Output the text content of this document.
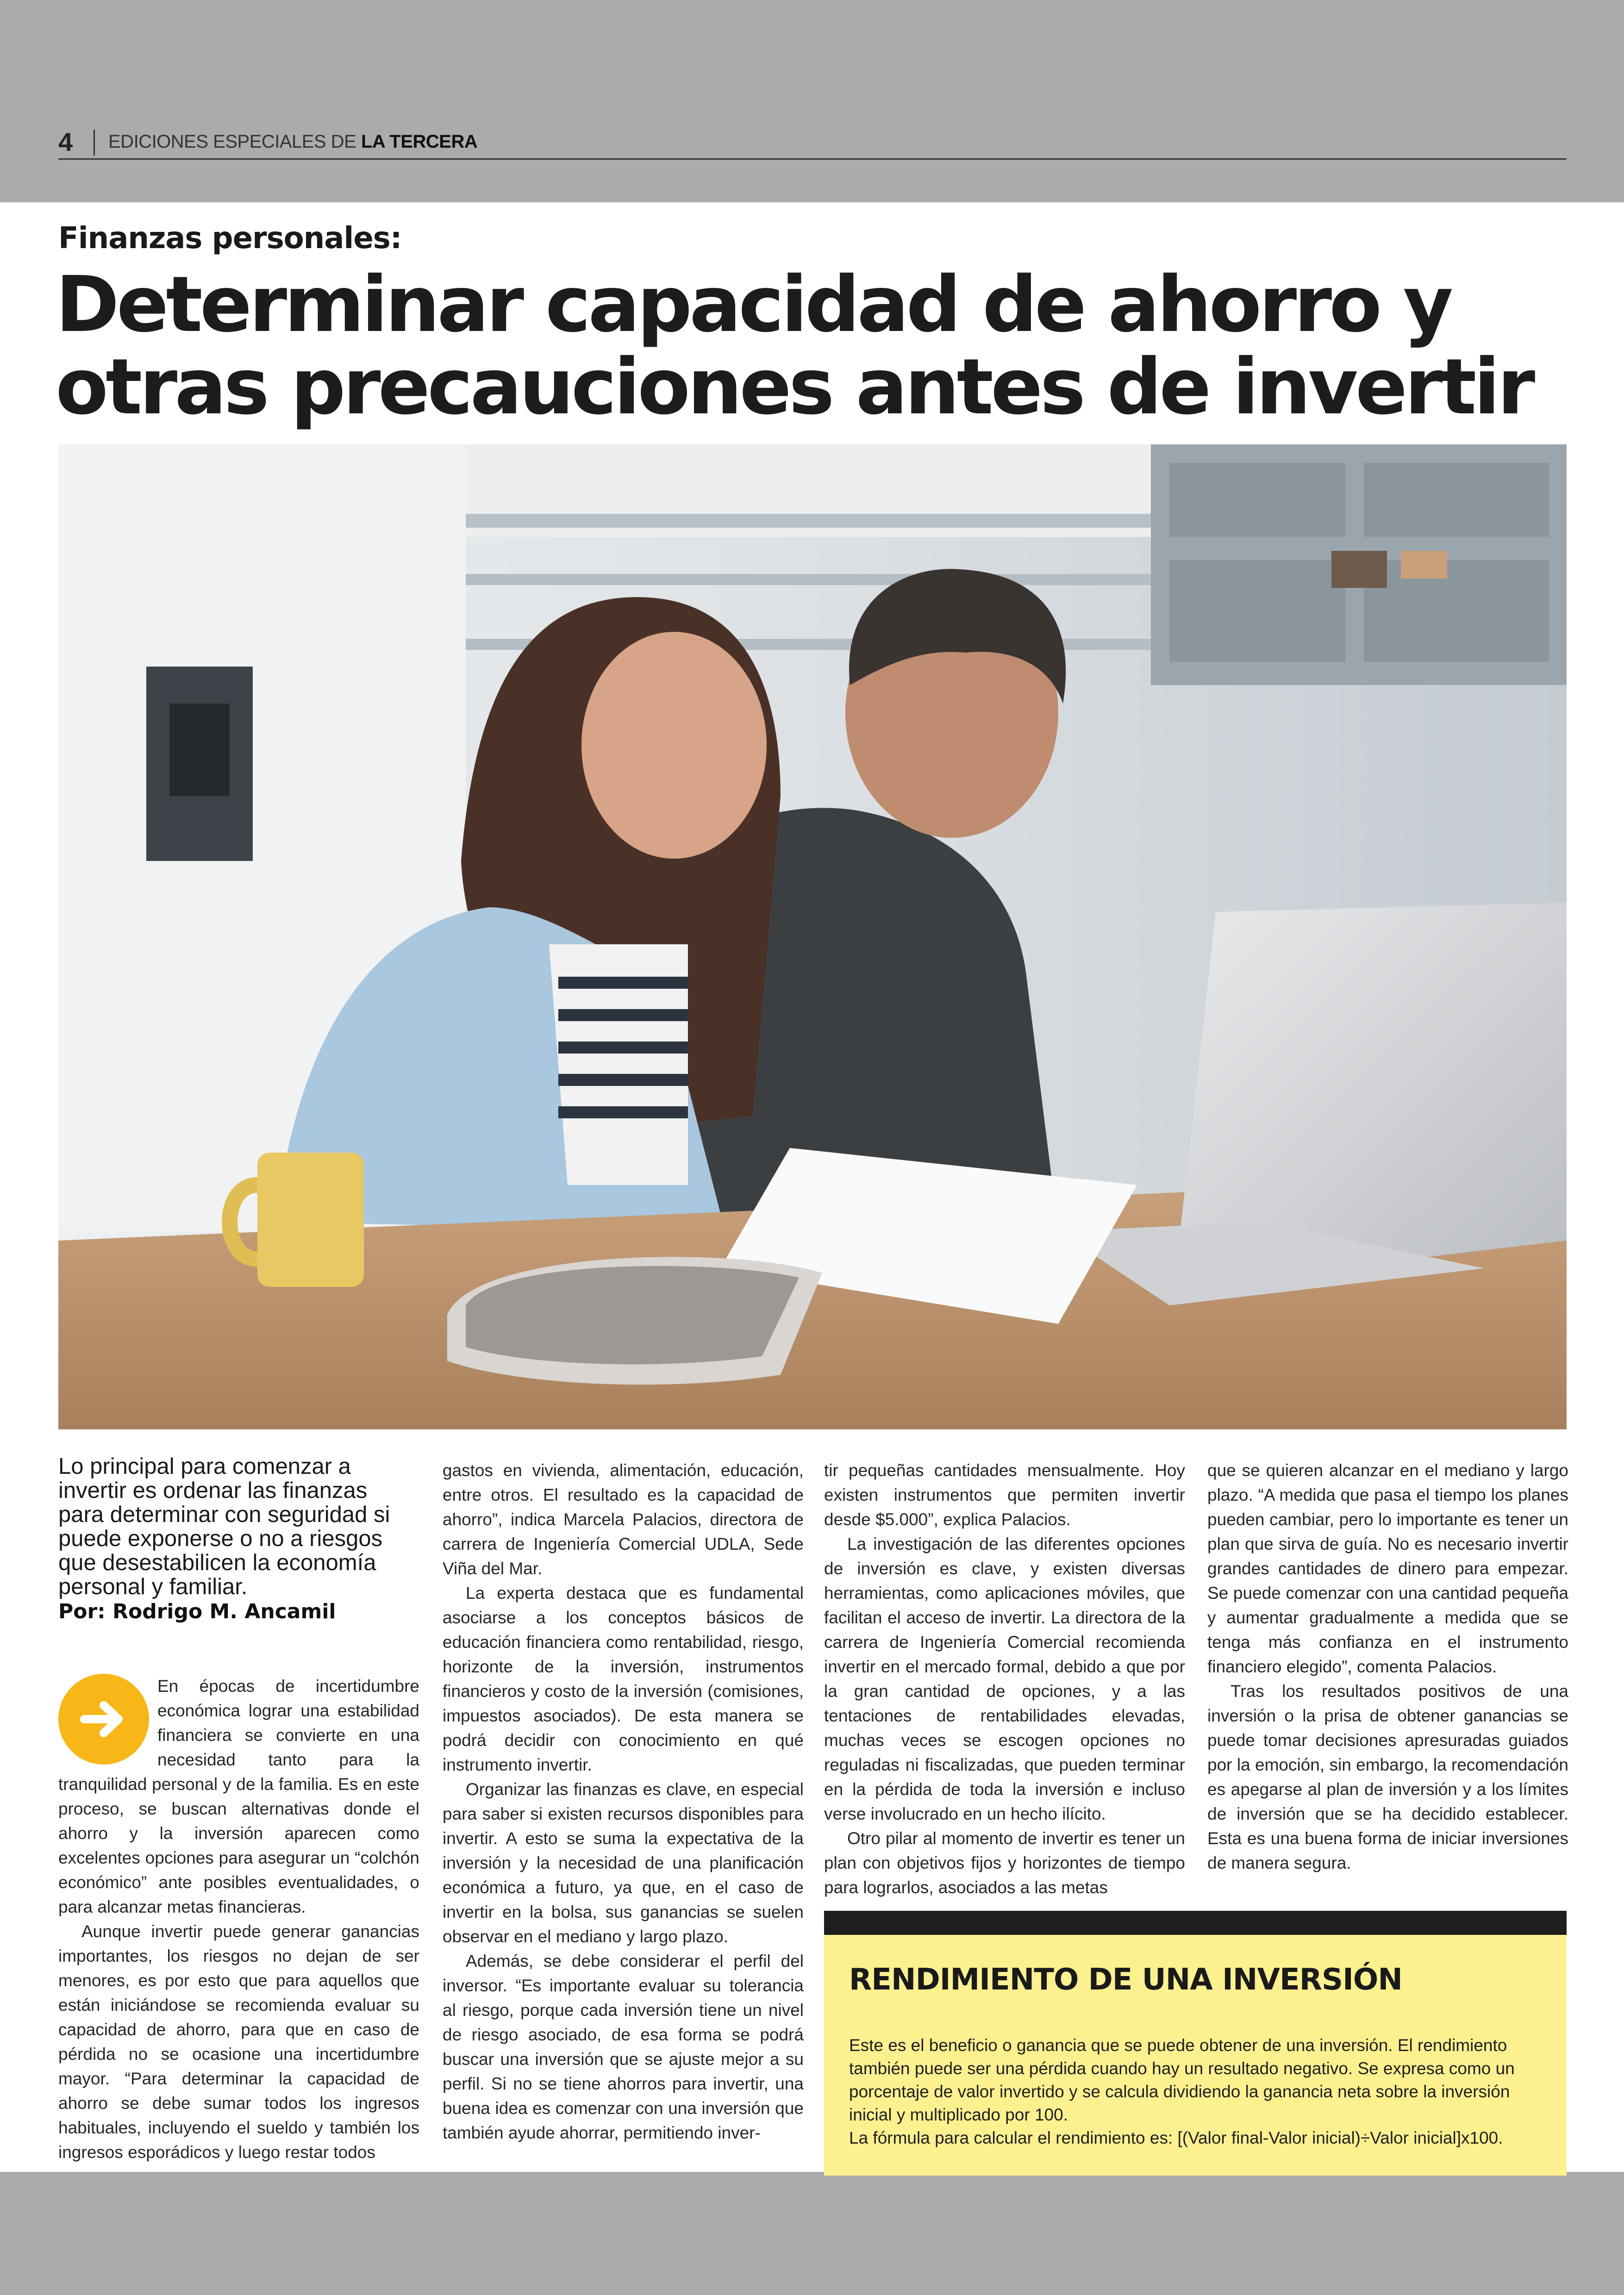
4 EDICIONES ESPECIALES DE LA TERCERA
Finanzas personales:
Determinar capacidad de ahorro y
otras precauciones antes de invertir
Lo principal para comenzar a invertir es ordenar las finanzas para determinar con seguridad si puede exponerse o no a riesgos que desestabilicen la economía personal y familiar.
Por: Rodrigo M. Ancamil

En épocas de incertidumbre económica lograr una estabilidad financiera se convierte en una necesidad tanto para la tranquilidad personal y de la familia. Es en este proceso, se buscan alternativas donde el ahorro y la inversión aparecen como excelentes opciones para asegurar un “colchón económico” ante posibles eventualidades, o para alcanzar metas financieras.

Aunque invertir puede generar ganancias importantes, los riesgos no dejan de ser menores, es por esto que para aquellos que están iniciándose se recomienda evaluar su capacidad de ahorro, para que en caso de pérdida no se ocasione una incertidumbre mayor. “Para determinar la capacidad de ahorro se debe sumar todos los ingresos habituales, incluyendo el sueldo y también los ingresos esporádicos y luego restar todos

gastos en vivienda, alimentación, educación, entre otros. El resultado es la capacidad de ahorro”, indica Marcela Palacios, directora de carrera de Ingeniería Comercial UDLA, Sede Viña del Mar.

La experta destaca que es fundamental asociarse a los conceptos básicos de educación financiera como rentabilidad, riesgo, horizonte de la inversión, instrumentos financieros y costo de la inversión (comisiones, impuestos asociados). De esta manera se podrá decidir con conocimiento en qué instrumento invertir.

Organizar las finanzas es clave, en especial para saber si existen recursos disponibles para invertir. A esto se suma la expectativa de la inversión y la necesidad de una planificación económica a futuro, ya que, en el caso de invertir en la bolsa, sus ganancias se suelen observar en el mediano y largo plazo.

Además, se debe considerar el perfil del inversor. “Es importante evaluar su tolerancia al riesgo, porque cada inversión tiene un nivel de riesgo asociado, de esa forma se podrá buscar una inversión que se ajuste mejor a su perfil. Si no se tiene ahorros para invertir, una buena idea es comenzar con una inversión que también ayude ahorrar, permitiendo inver-

tir pequeñas cantidades mensualmente. Hoy existen instrumentos que permiten invertir desde $5.000”, explica Palacios.

La investigación de las diferentes opciones de inversión es clave, y existen diversas herramientas, como aplicaciones móviles, que facilitan el acceso de invertir. La directora de la carrera de Ingeniería Comercial recomienda invertir en el mercado formal, debido a que por la gran cantidad de opciones, y a las tentaciones de rentabilidades elevadas, muchas veces se escogen opciones no reguladas ni fiscalizadas, que pueden terminar en la pérdida de toda la inversión e incluso verse involucrado en un hecho ilícito.

Otro pilar al momento de invertir es tener un plan con objetivos fijos y horizontes de tiempo para lograrlos, asociados a las metas

que se quieren alcanzar en el mediano y largo plazo. “A medida que pasa el tiempo los planes pueden cambiar, pero lo importante es tener un plan que sirva de guía. No es necesario invertir grandes cantidades de dinero para empezar. Se puede comenzar con una cantidad pequeña y aumentar gradualmente a medida que se tenga más confianza en el instrumento financiero elegido”, comenta Palacios.

Tras los resultados positivos de una inversión o la prisa de obtener ganancias se puede tomar decisiones apresuradas guiados por la emoción, sin embargo, la recomendación es apegarse al plan de inversión y a los límites de inversión que se ha decidido establecer. Esta es una buena forma de iniciar inversiones de manera segura.

RENDIMIENTO DE UNA INVERSIÓN

Este es el beneficio o ganancia que se puede obtener de una inversión. El rendimiento también puede ser una pérdida cuando hay un resultado negativo. Se expresa como un porcentaje de valor invertido y se calcula dividiendo la ganancia neta sobre la inversión inicial y multiplicado por 100.

La fórmula para calcular el rendimiento es: [(Valor final-Valor inicial)÷Valor inicial]x100.
